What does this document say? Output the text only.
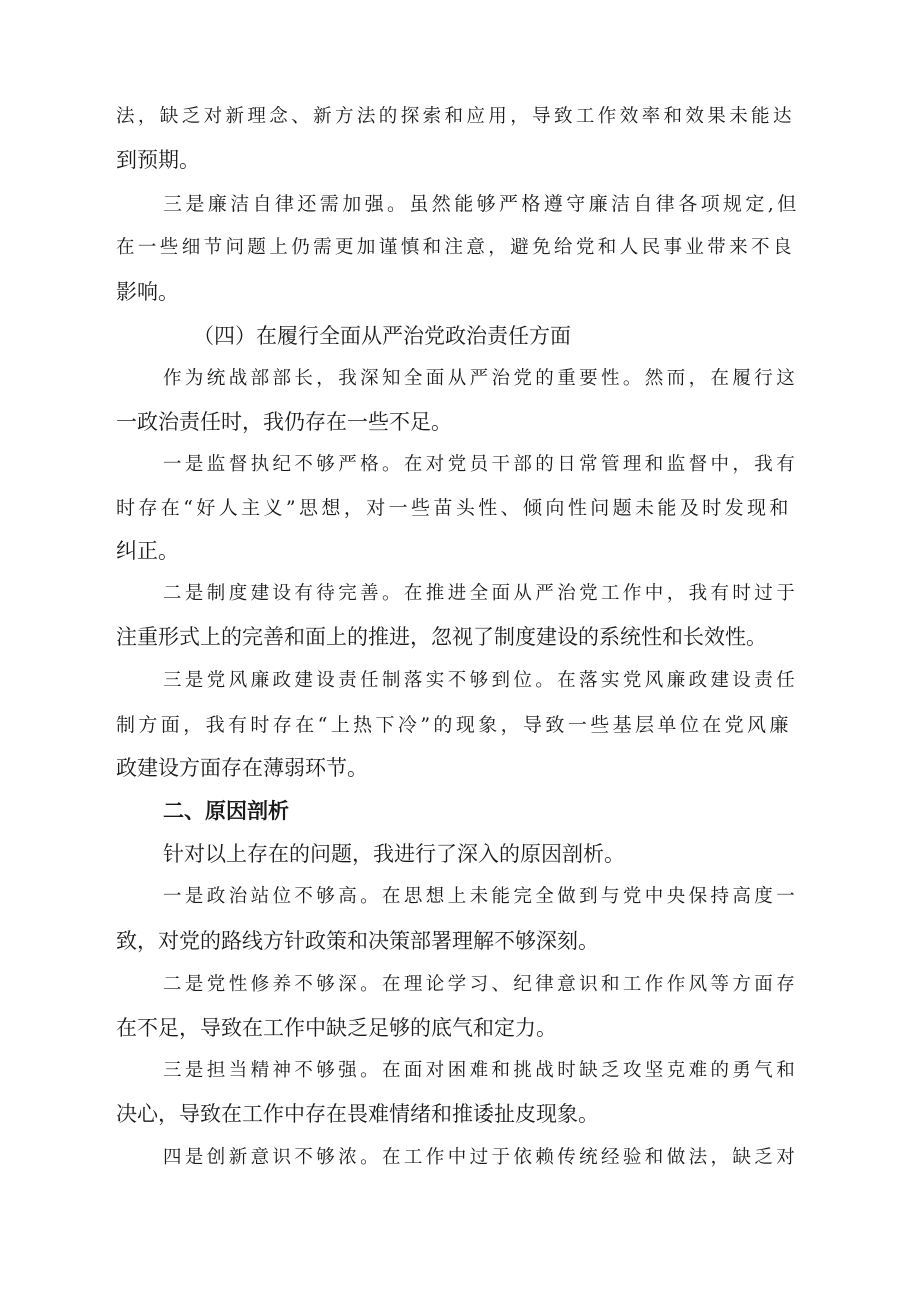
法，缺乏对新理念、新方法的探索和应用，导致工作效率和效果未能达
到预期。
三是廉洁自律还需加强。虽然能够严格遵守廉洁自律各项规定,但
在一些细节问题上仍需更加谨慎和注意，避免给党和人民事业带来不良
影响。
（四）在履行全面从严治党政治责任方面
作为统战部部长，我深知全面从严治党的重要性。然而，在履行这
一政治责任时，我仍存在一些不足。
一是监督执纪不够严格。在对党员干部的日常管理和监督中，我有
时存在“好人主义”思想，对一些苗头性、倾向性问题未能及时发现和
纠正。
二是制度建设有待完善。在推进全面从严治党工作中，我有时过于
注重形式上的完善和面上的推进，忽视了制度建设的系统性和长效性。
三是党风廉政建设责任制落实不够到位。在落实党风廉政建设责任
制方面，我有时存在“上热下冷”的现象，导致一些基层单位在党风廉
政建设方面存在薄弱环节。
二、原因剖析
针对以上存在的问题，我进行了深入的原因剖析。
一是政治站位不够高。在思想上未能完全做到与党中央保持高度一
致，对党的路线方针政策和决策部署理解不够深刻。
二是党性修养不够深。在理论学习、纪律意识和工作作风等方面存
在不足，导致在工作中缺乏足够的底气和定力。
三是担当精神不够强。在面对困难和挑战时缺乏攻坚克难的勇气和
决心，导致在工作中存在畏难情绪和推诿扯皮现象。
四是创新意识不够浓。在工作中过于依赖传统经验和做法，缺乏对
